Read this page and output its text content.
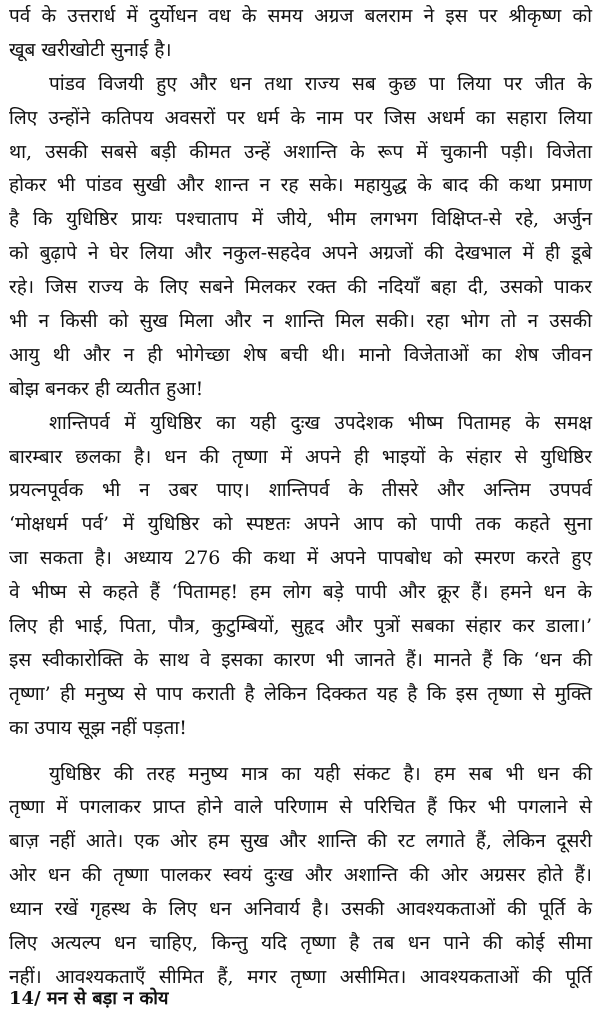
पर्व के उत्तरार्ध में दुर्योधन वध के समय अग्रज बलराम ने इस पर श्रीकृष्ण को
खूब खरीखोटी सुनाई है।
पांडव विजयी हुए और धन तथा राज्य सब कुछ पा लिया पर जीत के
लिए उन्होंने कतिपय अवसरों पर धर्म के नाम पर जिस अधर्म का सहारा लिया
था, उसकी सबसे बड़ी कीमत उन्हें अशान्ति के रूप में चुकानी पड़ी। विजेता
होकर भी पांडव सुखी और शान्त न रह सके। महायुद्ध के बाद की कथा प्रमाण
है कि युधिष्ठिर प्रायः पश्चाताप में जीये, भीम लगभग विक्षिप्त-से रहे, अर्जुन
को बुढ़ापे ने घेर लिया और नकुल-सहदेव अपने अग्रजों की देखभाल में ही डूबे
रहे। जिस राज्य के लिए सबने मिलकर रक्त की नदियाँ बहा दी, उसको पाकर
भी न किसी को सुख मिला और न शान्ति मिल सकी। रहा भोग तो न उसकी
आयु थी और न ही भोगेच्छा शेष बची थी। मानो विजेताओं का शेष जीवन
बोझ बनकर ही व्यतीत हुआ!
शान्तिपर्व में युधिष्ठिर का यही दुःख उपदेशक भीष्म पितामह के समक्ष
बारम्बार छलका है। धन की तृष्णा में अपने ही भाइयों के संहार से युधिष्ठिर
प्रयत्नपूर्वक भी न उबर पाए। शान्तिपर्व के तीसरे और अन्तिम उपपर्व
‘मोक्षधर्म पर्व’ में युधिष्ठिर को स्पष्टतः अपने आप को पापी तक कहते सुना
जा सकता है। अध्याय 276 की कथा में अपने पापबोध को स्मरण करते हुए
वे भीष्म से कहते हैं ‘पितामह! हम लोग बड़े पापी और क्रूर हैं। हमने धन के
लिए ही भाई, पिता, पौत्र, कुटुम्बियों, सुहृद और पुत्रों सबका संहार कर डाला।’
इस स्वीकारोक्ति के साथ वे इसका कारण भी जानते हैं। मानते हैं कि ‘धन की
तृष्णा’ ही मनुष्य से पाप कराती है लेकिन दिक्कत यह है कि इस तृष्णा से मुक्ति
का उपाय सूझ नहीं पड़ता!
युधिष्ठिर की तरह मनुष्य मात्र का यही संकट है। हम सब भी धन की
तृष्णा में पगलाकर प्राप्त होने वाले परिणाम से परिचित हैं फिर भी पगलाने से
बाज़ नहीं आते। एक ओर हम सुख और शान्ति की रट लगाते हैं, लेकिन दूसरी
ओर धन की तृष्णा पालकर स्वयं दुःख और अशान्ति की ओर अग्रसर होते हैं।
ध्यान रखें गृहस्थ के लिए धन अनिवार्य है। उसकी आवश्यकताओं की पूर्ति के
लिए अत्यल्प धन चाहिए, किन्तु यदि तृष्णा है तब धन पाने की कोई सीमा
नहीं। आवश्यकताएँ सीमित हैं, मगर तृष्णा असीमित। आवश्यकताओं की पूर्ति
14/ मन से बड़ा न कोय
